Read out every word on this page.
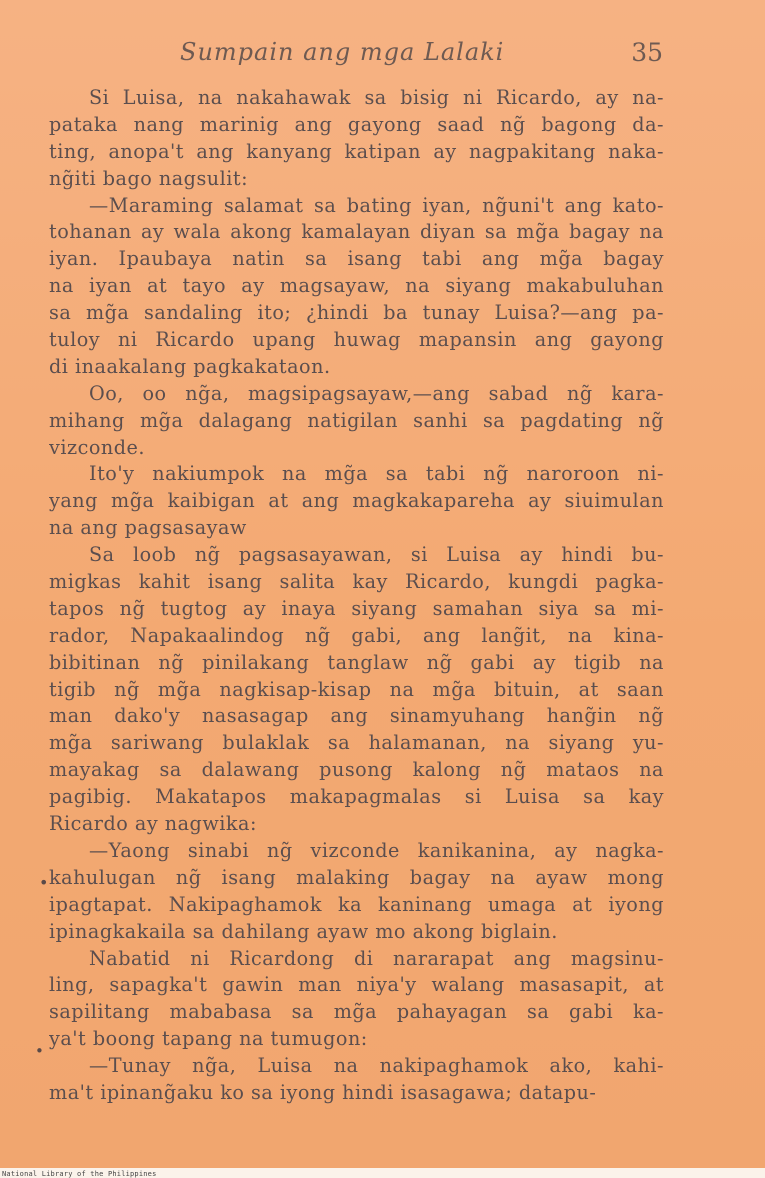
Sumpain ang mga Lalaki	35
Si Luisa, na nakahawak sa bisig ni Ricardo, ay na-
pataka nang marinig ang gayong saad ng̃ bagong da-
ting, anopa't ang kanyang katipan ay nagpakitang naka-
ng̃iti bago nagsulit:
—Maraming salamat sa bating iyan, ng̃uni't ang kato-
tohanan ay wala akong kamalayan diyan sa mg̃a bagay na
iyan. Ipaubaya natin sa isang tabi ang mg̃a bagay
na iyan at tayo ay magsayaw, na siyang makabuluhan
sa mg̃a sandaling ito; ¿hindi ba tunay Luisa?—ang pa-
tuloy ni Ricardo upang huwag mapansin ang gayong
di inaakalang pagkakataon.
Oo, oo ng̃a, magsipagsayaw,—ang sabad ng̃ kara-
mihang mg̃a dalagang natigilan sanhi sa pagdating ng̃
vizconde.
Ito'y nakiumpok na mg̃a sa tabi ng̃ naroroon ni-
yang mg̃a kaibigan at ang magkakapareha ay siuimulan
na ang pagsasayaw
Sa loob ng̃ pagsasayawan, si Luisa ay hindi bu-
migkas kahit isang salita kay Ricardo, kungdi pagka-
tapos ng̃ tugtog ay inaya siyang samahan siya sa mi-
rador, Napakaalindog ng̃ gabi, ang lang̃it, na kina-
bibitinan ng̃ pinilakang tanglaw ng̃ gabi ay tigib na
tigib ng̃ mg̃a nagkisap-kisap na mg̃a bituin, at saan
man dako'y nasasagap ang sinamyuhang hang̃in ng̃
mg̃a sariwang bulaklak sa halamanan, na siyang yu-
mayakag sa dalawang pusong kalong ng̃ mataos na
pagibig. Makatapos makapagmalas si Luisa sa kay
Ricardo ay nagwika:
—Yaong sinabi ng̃ vizconde kanikanina, ay nagka-
kahulugan ng̃ isang malaking bagay na ayaw mong
ipagtapat. Nakipaghamok ka kaninang umaga at iyong
ipinagkakaila sa dahilang ayaw mo akong biglain.
Nabatid ni Ricardong di nararapat ang magsinu-
ling, sapagka't gawin man niya'y walang masasapit, at
sapilitang mababasa sa mg̃a pahayagan sa gabi ka-
ya't boong tapang na tumugon:
—Tunay ng̃a, Luisa na nakipaghamok ako, kahi-
ma't ipinang̃aku ko sa iyong hindi isasagawa; datapu-
•
•
National Library of the Philippines
